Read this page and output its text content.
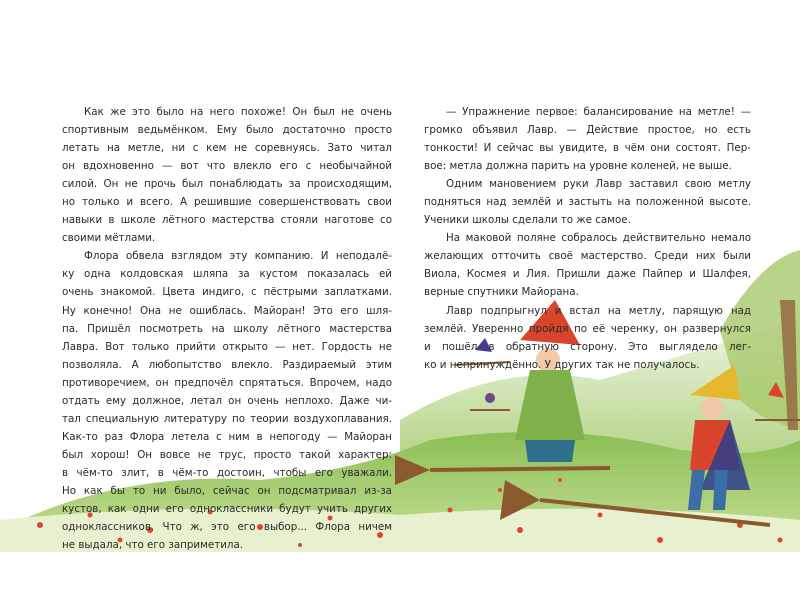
Как же это было на него похоже! Он был не очень
спортивным ведьмёнком. Ему было достаточно просто
летать на метле, ни с кем не соревнуясь. Зато читал
он вдохновенно — вот что влекло его с необычайной
силой. Он не прочь был понаблюдать за происходящим,
но только и всего. А решившие совершенствовать свои
навыки в школе лётного мастерства стояли наготове со
своими мётлами.
Флора обвела взглядом эту компанию. И неподалё-
ку одна колдовская шляпа за кустом показалась ей
очень знакомой. Цвета индиго, с пёстрыми заплатками.
Ну конечно! Она не ошиблась. Майоран! Это его шля-
па. Пришёл посмотреть на школу лётного мастерства
Лавра. Вот только прийти открыто — нет. Гордость не
позволяла. А любопытство влекло. Раздираемый этим
противоречием, он предпочёл спрятаться. Впрочем, надо
отдать ему должное, летал он очень неплохо. Даже чи-
тал специальную литературу по теории воздухоплавания.
Как-то раз Флора летела с ним в непогоду — Майоран
был хорош! Он вовсе не трус, просто такой характер:
в чём-то злит, в чём-то достоин, чтобы его уважали.
Но как бы то ни было, сейчас он подсматривал из-за
кустов, как одни его одноклассники будут учить других
одноклассников. Что ж, это его выбор... Флора ничем
не выдала, что его заприметила.
— Упражнение первое: балансирование на метле! —
громко объявил Лавр. — Действие простое, но есть
тонкости! И сейчас вы увидите, в чём они состоят. Пер-
вое: метла должна парить на уровне коленей, не выше.
Одним мановением руки Лавр заставил свою метлу
подняться над землёй и застыть на положенной высоте.
Ученики школы сделали то же самое.
На маковой поляне собралось действительно немало
желающих отточить своё мастерство. Среди них были
Виола, Космея и Лия. Пришли даже Пайпер и Шалфея,
верные спутники Майорана.
Лавр подпрыгнул и встал на метлу, парящую над
землёй. Уверенно пройдя по её черенку, он развернулся
и пошёл в обратную сторону. Это выглядело лег-
ко и непринуждённо. У других так не получалось.
